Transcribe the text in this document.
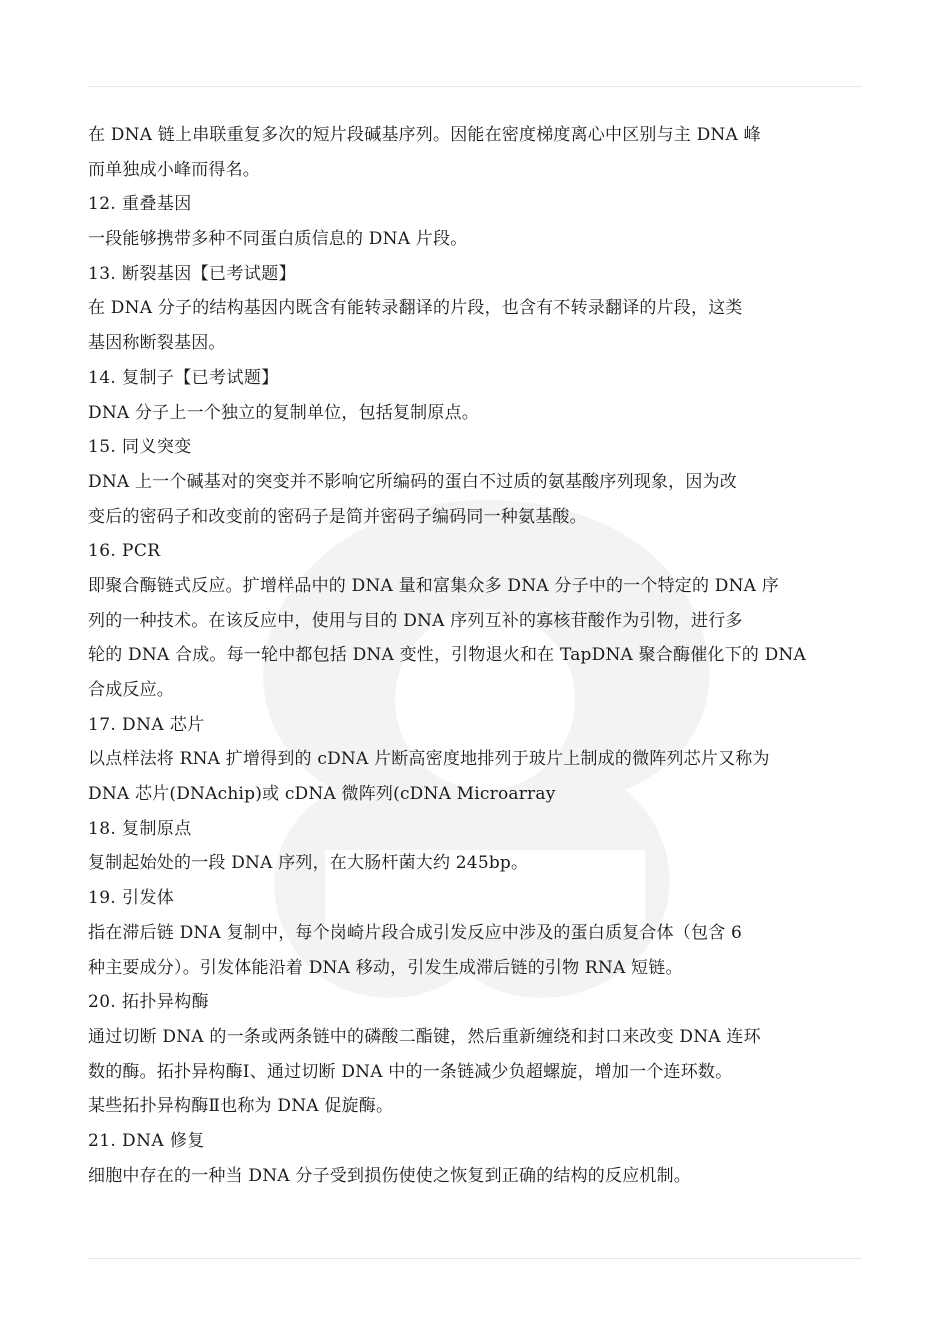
在 DNA 链上串联重复多次的短片段碱基序列。因能在密度梯度离心中区别与主 DNA 峰
而单独成小峰而得名。
12. 重叠基因
一段能够携带多种不同蛋白质信息的 DNA 片段。
13. 断裂基因【已考试题】
在 DNA 分子的结构基因内既含有能转录翻译的片段，也含有不转录翻译的片段，这类
基因称断裂基因。
14. 复制子【已考试题】
DNA 分子上一个独立的复制单位，包括复制原点。
15. 同义突变
DNA 上一个碱基对的突变并不影响它所编码的蛋白不过质的氨基酸序列现象，因为改
变后的密码子和改变前的密码子是简并密码子编码同一种氨基酸。
16. PCR
即聚合酶链式反应。扩增样品中的 DNA 量和富集众多 DNA 分子中的一个特定的 DNA 序
列的一种技术。在该反应中，使用与目的 DNA 序列互补的寡核苷酸作为引物，进行多
轮的 DNA 合成。每一轮中都包括 DNA 变性，引物退火和在 TapDNA 聚合酶催化下的 DNA
合成反应。
17. DNA 芯片
以点样法将 RNA 扩增得到的 cDNA 片断高密度地排列于玻片上制成的微阵列芯片又称为
DNA 芯片(DNAchip)或 cDNA 微阵列(cDNA Microarray
18. 复制原点
复制起始处的一段 DNA 序列，在大肠杆菌大约 245bp。
19. 引发体
指在滞后链 DNA 复制中，每个岗崎片段合成引发反应中涉及的蛋白质复合体（包含 6
种主要成分）。引发体能沿着 DNA 移动，引发生成滞后链的引物 RNA 短链。
20. 拓扑异构酶
通过切断 DNA 的一条或两条链中的磷酸二酯键，然后重新缠绕和封口来改变 DNA 连环
数的酶。拓扑异构酶Ⅰ、通过切断 DNA 中的一条链减少负超螺旋，增加一个连环数。
某些拓扑异构酶Ⅱ也称为 DNA 促旋酶。
21. DNA 修复
细胞中存在的一种当 DNA 分子受到损伤使使之恢复到正确的结构的反应机制。
